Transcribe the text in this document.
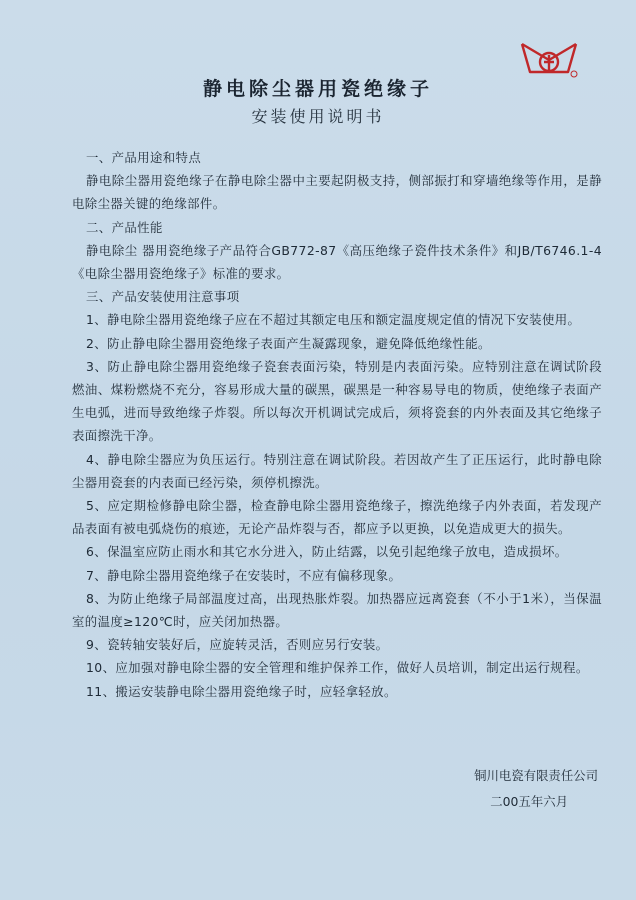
静电除尘器用瓷绝缘子
安装使用说明书

一、产品用途和特点

静电除尘器用瓷绝缘子在静电除尘器中主要起阴极支持，侧部振打和穿墙绝缘等作用，是静电除尘器关键的绝缘部件。

二、产品性能

静电除尘 器用瓷绝缘子产品符合GB772-87《高压绝缘子瓷件技术条件》和JB/T6746.1-4《电除尘器用瓷绝缘子》标准的要求。

三、产品安装使用注意事项

1、静电除尘器用瓷绝缘子应在不超过其额定电压和额定温度规定值的情况下安装使用。

2、防止静电除尘器用瓷绝缘子表面产生凝露现象，避免降低绝缘性能。

3、防止静电除尘器用瓷绝缘子瓷套表面污染，特别是内表面污染。应特别注意在调试阶段燃油、煤粉燃烧不充分，容易形成大量的碳黑，碳黑是一种容易导电的物质，使绝缘子表面产生电弧，进而导致绝缘子炸裂。所以每次开机调试完成后，须将瓷套的内外表面及其它绝缘子表面擦洗干净。

4、静电除尘器应为负压运行。特别注意在调试阶段。若因故产生了正压运行，此时静电除尘器用瓷套的内表面已经污染，须停机擦洗。

5、应定期检修静电除尘器，检查静电除尘器用瓷绝缘子，擦洗绝缘子内外表面，若发现产品表面有被电弧烧伤的痕迹，无论产品炸裂与否，都应予以更换，以免造成更大的损失。

6、保温室应防止雨水和其它水分进入，防止结露，以免引起绝缘子放电，造成损坏。

7、静电除尘器用瓷绝缘子在安装时，不应有偏移现象。

8、为防止绝缘子局部温度过高，出现热胀炸裂。加热器应远离瓷套（不小于1米），当保温室的温度≥120℃时，应关闭加热器。

9、瓷转轴安装好后，应旋转灵活，否则应另行安装。

10、应加强对静电除尘器的安全管理和维护保养工作，做好人员培训，制定出运行规程。

11、搬运安装静电除尘器用瓷绝缘子时，应轻拿轻放。

铜川电瓷有限责任公司
二00五年六月
